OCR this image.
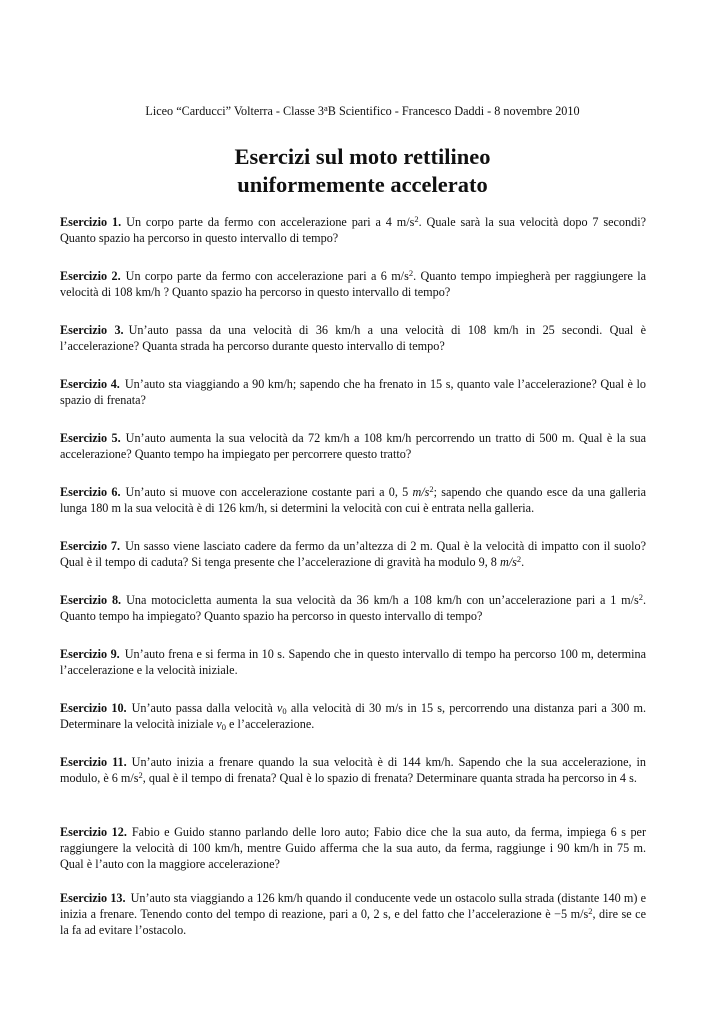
Liceo “Carducci” Volterra - Classe 3$^a$B Scientifico - Francesco Daddi - 8 novembre 2010
Esercizi sul moto rettilineo
uniformemente accelerato
Esercizio 1. Un corpo parte da fermo con accelerazione pari a 4 $m/s^2$. Quale sarà la sua velocità dopo 7 secondi? Quanto spazio ha percorso in questo intervallo di tempo?
Esercizio 2. Un corpo parte da fermo con accelerazione pari a 6 $m/s^2$. Quanto tempo impiegherà per raggiungere la velocità di 108 km/h ? Quanto spazio ha percorso in questo intervallo di tempo?
Esercizio 3. Un’auto passa da una velocità di 36 km/h a una velocità di 108 km/h in 25 secondi. Qual è l’accelerazione? Quanta strada ha percorso durante questo intervallo di tempo?
Esercizio 4. Un’auto sta viaggiando a 90 km/h; sapendo che ha frenato in 15 s, quanto vale l’accelerazione? Qual è lo spazio di frenata?
Esercizio 5. Un’auto aumenta la sua velocità da 72 km/h a 108 km/h percorrendo un tratto di 500 m. Qual è la sua accelerazione? Quanto tempo ha impiegato per percorrere questo tratto?
Esercizio 6. Un’auto si muove con accelerazione costante pari a 0, 5 $m/s^2$; sapendo che quando esce da una galleria lunga 180 m la sua velocità è di 126 km/h, si determini la velocità con cui è entrata nella galleria.
Esercizio 7. Un sasso viene lasciato cadere da fermo da un’altezza di 2 m. Qual è la velocità di impatto con il suolo? Qual è il tempo di caduta? Si tenga presente che l’accelerazione di gravità ha modulo 9, 8 $m/s^2$.
Esercizio 8. Una motocicletta aumenta la sua velocità da 36 km/h a 108 km/h con un’accelerazione pari a 1 $m/s^2$. Quanto tempo ha impiegato? Quanto spazio ha percorso in questo intervallo di tempo?
Esercizio 9. Un’auto frena e si ferma in 10 s. Sapendo che in questo intervallo di tempo ha percorso 100 m, determina l’accelerazione e la velocità iniziale.
Esercizio 10. Un’auto passa dalla velocità $v_0$ alla velocità di 30 m/s in 15 s, percorrendo una distanza pari a 300 m. Determinare la velocità iniziale $v_0$ e l’accelerazione.
Esercizio 11. Un’auto inizia a frenare quando la sua velocità è di 144 km/h. Sapendo che la sua accelerazione, in modulo, è 6 $m/s^2$, qual è il tempo di frenata? Qual è lo spazio di frenata? Determinare quanta strada ha percorso in 4 s.
Esercizio 12. Fabio e Guido stanno parlando delle loro auto; Fabio dice che la sua auto, da ferma, impiega 6 s per raggiungere la velocità di 100 km/h, mentre Guido afferma che la sua auto, da ferma, raggiunge i 90 km/h in 75 m. Qual è l’auto con la maggiore accelerazione?
Esercizio 13. Un’auto sta viaggiando a 126 km/h quando il conducente vede un ostacolo sulla strada (distante 140 m) e inizia a frenare. Tenendo conto del tempo di reazione, pari a 0, 2 s, e del fatto che l’accelerazione è −5 $m/s^2$, dire se ce la fa ad evitare l’ostacolo.
